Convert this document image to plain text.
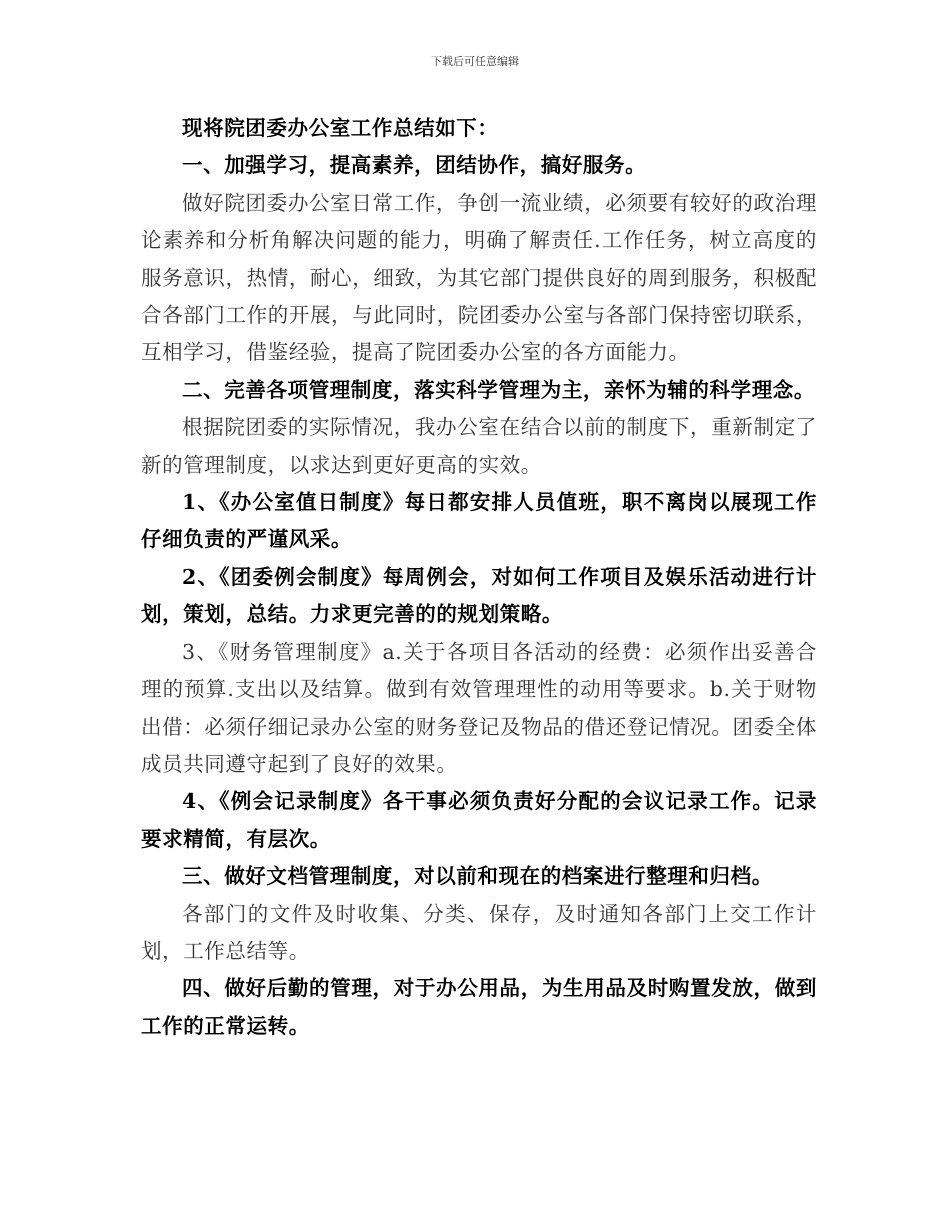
下载后可任意编辑

现将院团委办公室工作总结如下：

一、加强学习，提高素养，团结协作，搞好服务。

做好院团委办公室日常工作，争创一流业绩，必须要有较好的政治理论素养和分析角解决问题的能力，明确了解责任.工作任务，树立高度的服务意识，热情，耐心，细致，为其它部门提供良好的周到服务，积极配合各部门工作的开展，与此同时，院团委办公室与各部门保持密切联系，互相学习，借鉴经验，提高了院团委办公室的各方面能力。

二、完善各项管理制度，落实科学管理为主，亲怀为辅的科学理念。

根据院团委的实际情况，我办公室在结合以前的制度下，重新制定了新的管理制度，以求达到更好更高的实效。

1、《办公室值日制度》每日都安排人员值班，职不离岗以展现工作仔细负责的严谨风采。

2、《团委例会制度》每周例会，对如何工作项目及娱乐活动进行计划，策划，总结。力求更完善的的规划策略。

3、《财务管理制度》a.关于各项目各活动的经费：必须作出妥善合理的预算.支出以及结算。做到有效管理理性的动用等要求。b.关于财物出借：必须仔细记录办公室的财务登记及物品的借还登记情况。团委全体成员共同遵守起到了良好的效果。

4、《例会记录制度》各干事必须负责好分配的会议记录工作。记录要求精简，有层次。

三、做好文档管理制度，对以前和现在的档案进行整理和归档。

各部门的文件及时收集、分类、保存，及时通知各部门上交工作计划，工作总结等。

四、做好后勤的管理，对于办公用品，为生用品及时购置发放，做到工作的正常运转。
